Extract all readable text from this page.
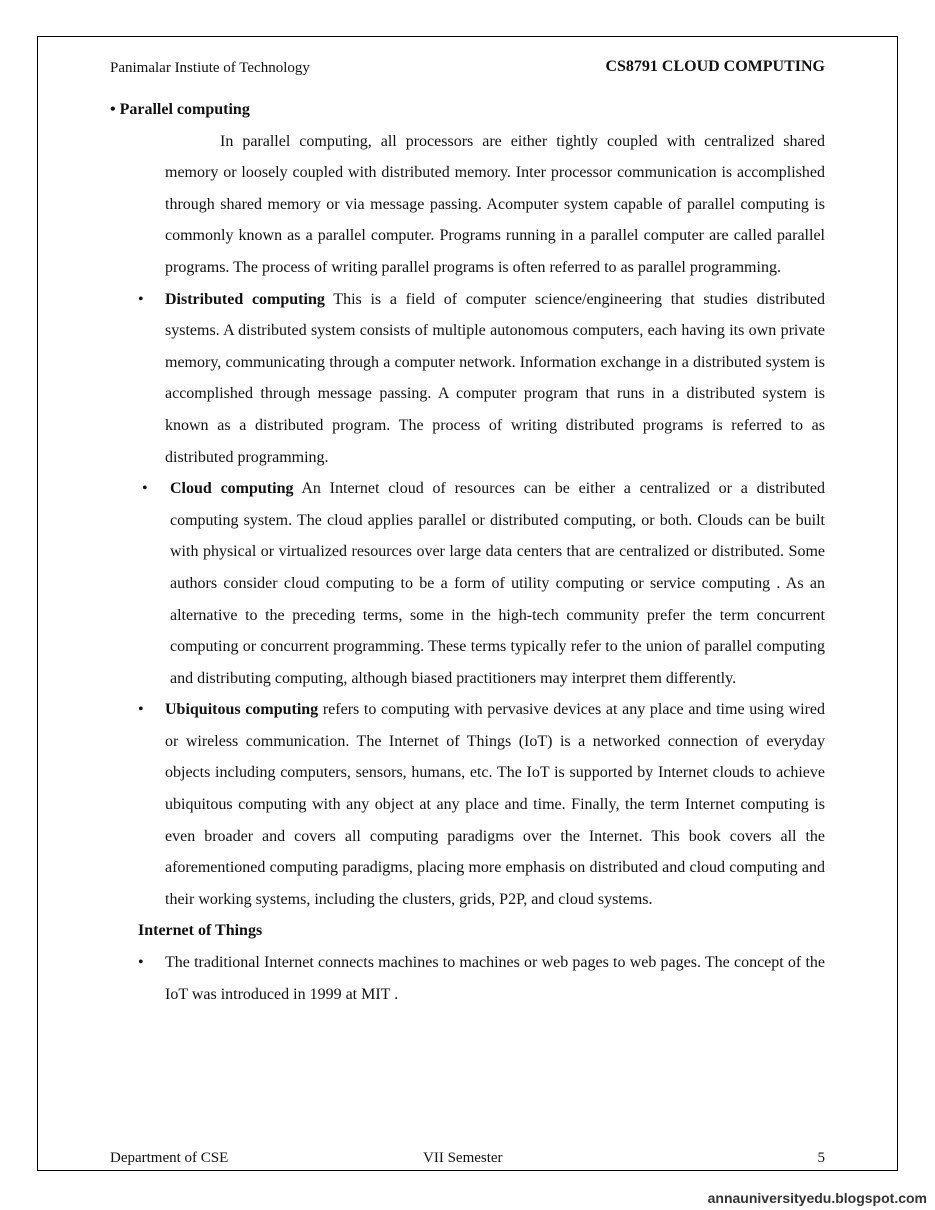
Panimalar Instiute of Technology	CS8791 CLOUD COMPUTING

• Parallel computing

In parallel computing, all processors are either tightly coupled with centralized shared memory or loosely coupled with distributed memory. Inter processor communication is accomplished through shared memory or via message passing. Acomputer system capable of parallel computing is commonly known as a parallel computer. Programs running in a parallel computer are called parallel programs. The process of writing parallel programs is often referred to as parallel programming.

• Distributed computing This is a field of computer science/engineering that studies distributed systems. A distributed system consists of multiple autonomous computers, each having its own private memory, communicating through a computer network. Information exchange in a distributed system is accomplished through message passing. A computer program that runs in a distributed system is known as a distributed program. The process of writing distributed programs is referred to as distributed programming.

• Cloud computing An Internet cloud of resources can be either a centralized or a distributed computing system. The cloud applies parallel or distributed computing, or both. Clouds can be built with physical or virtualized resources over large data centers that are centralized or distributed. Some authors consider cloud computing to be a form of utility computing or service computing . As an alternative to the preceding terms, some in the high-tech community prefer the term concurrent computing or concurrent programming. These terms typically refer to the union of parallel computing and distributing computing, although biased practitioners may interpret them differently.

• Ubiquitous computing refers to computing with pervasive devices at any place and time using wired or wireless communication. The Internet of Things (IoT) is a networked connection of everyday objects including computers, sensors, humans, etc. The IoT is supported by Internet clouds to achieve ubiquitous computing with any object at any place and time. Finally, the term Internet computing is even broader and covers all computing paradigms over the Internet. This book covers all the aforementioned computing paradigms, placing more emphasis on distributed and cloud computing and their working systems, including the clusters, grids, P2P, and cloud systems.

Internet of Things

• The traditional Internet connects machines to machines or web pages to web pages. The concept of the IoT was introduced in 1999 at MIT .

Department of CSE	VII Semester	5
annauniversityedu.blogspot.com
